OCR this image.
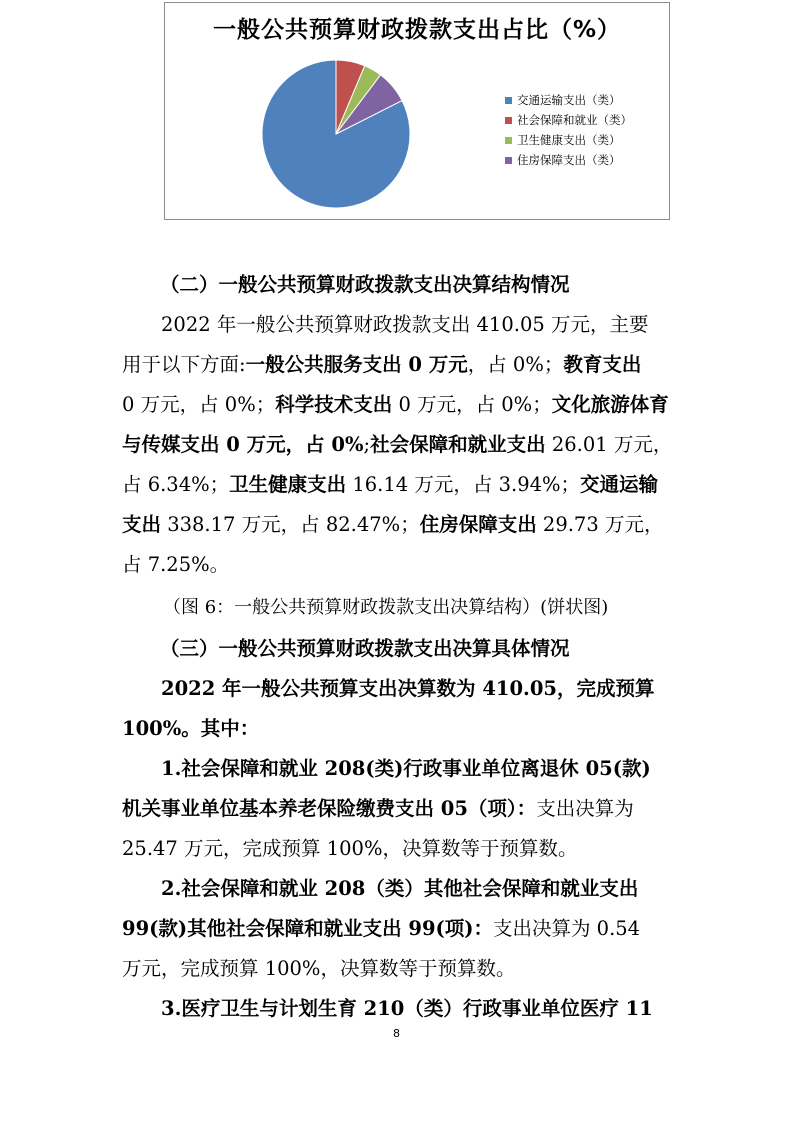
一般公共预算财政拨款支出占比（%）
交通运输支出（类）
社会保障和就业（类）
卫生健康支出（类）
住房保障支出（类）
（二）一般公共预算财政拨款支出决算结构情况
2022 年一般公共预算财政拨款支出 410.05 万元，主要
用于以下方面:一般公共服务支出 0 万元，占 0%；教育支出
0 万元，占 0%；科学技术支出 0 万元，占 0%；文化旅游体育
与传媒支出 0 万元，占 0%;社会保障和就业支出 26.01 万元，
占 6.34%；卫生健康支出 16.14 万元，占 3.94%；交通运输
支出 338.17 万元，占 82.47%；住房保障支出 29.73 万元，
占 7.25%。
（图 6：一般公共预算财政拨款支出决算结构）(饼状图)
（三）一般公共预算财政拨款支出决算具体情况
2022 年一般公共预算支出决算数为 410.05，完成预算
100%。其中：
1.社会保障和就业 208(类)行政事业单位离退休 05(款)
机关事业单位基本养老保险缴费支出 05（项）：支出决算为
25.47 万元，完成预算 100%，决算数等于预算数。
2.社会保障和就业 208（类）其他社会保障和就业支出
99(款)其他社会保障和就业支出 99(项)：支出决算为 0.54
万元，完成预算 100%，决算数等于预算数。
3.医疗卫生与计划生育 210（类）行政事业单位医疗 11
8
